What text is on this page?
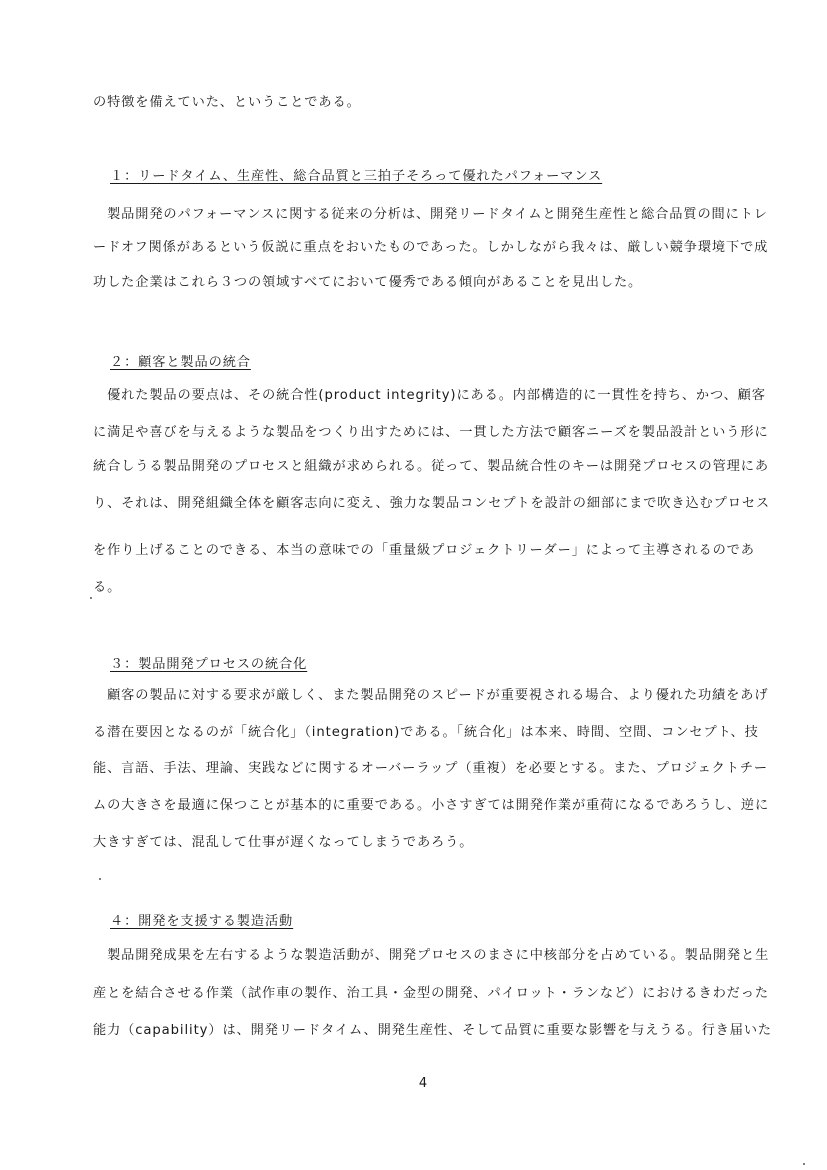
の特徴を備えていた、ということである。
１：リードタイム、生産性、総合品質と三拍子そろって優れたパフォーマンス
　製品開発のパフォーマンスに関する従来の分析は、開発リードタイムと開発生産性と総合品質の間にトレ
ードオフ関係があるという仮説に重点をおいたものであった。しかしながら我々は、厳しい競争環境下で成
功した企業はこれら３つの領域すべてにおいて優秀である傾向があることを見出した。
２：顧客と製品の統合
　優れた製品の要点は、その統合性(product integrity)にある。内部構造的に一貫性を持ち、かつ、顧客
に満足や喜びを与えるような製品をつくり出すためには、一貫した方法で顧客ニーズを製品設計という形に
統合しうる製品開発のプロセスと組織が求められる。従って、製品統合性のキーは開発プロセスの管理にあ
り、それは、開発組織全体を顧客志向に変え、強力な製品コンセプトを設計の細部にまで吹き込むプロセス
を作り上げることのできる、本当の意味での「重量級プロジェクトリーダー」によって主導されるのであ
る。
３：製品開発プロセスの統合化
　顧客の製品に対する要求が厳しく、また製品開発のスピードが重要視される場合、より優れた功績をあげ
る潜在要因となるのが「統合化」（integration)である。「統合化」は本来、時間、空間、コンセプト、技
能、言語、手法、理論、実践などに関するオーバーラップ（重複）を必要とする。また、プロジェクトチー
ムの大きさを最適に保つことが基本的に重要である。小さすぎては開発作業が重荷になるであろうし、逆に
大きすぎては、混乱して仕事が遅くなってしまうであろう。
４：開発を支援する製造活動
　製品開発成果を左右するような製造活動が、開発プロセスのまさに中核部分を占めている。製品開発と生
産とを結合させる作業（試作車の製作、治工具・金型の開発、パイロット・ランなど）におけるきわだった
能力（capability）は、開発リードタイム、開発生産性、そして品質に重要な影響を与えうる。行き届いた
4
